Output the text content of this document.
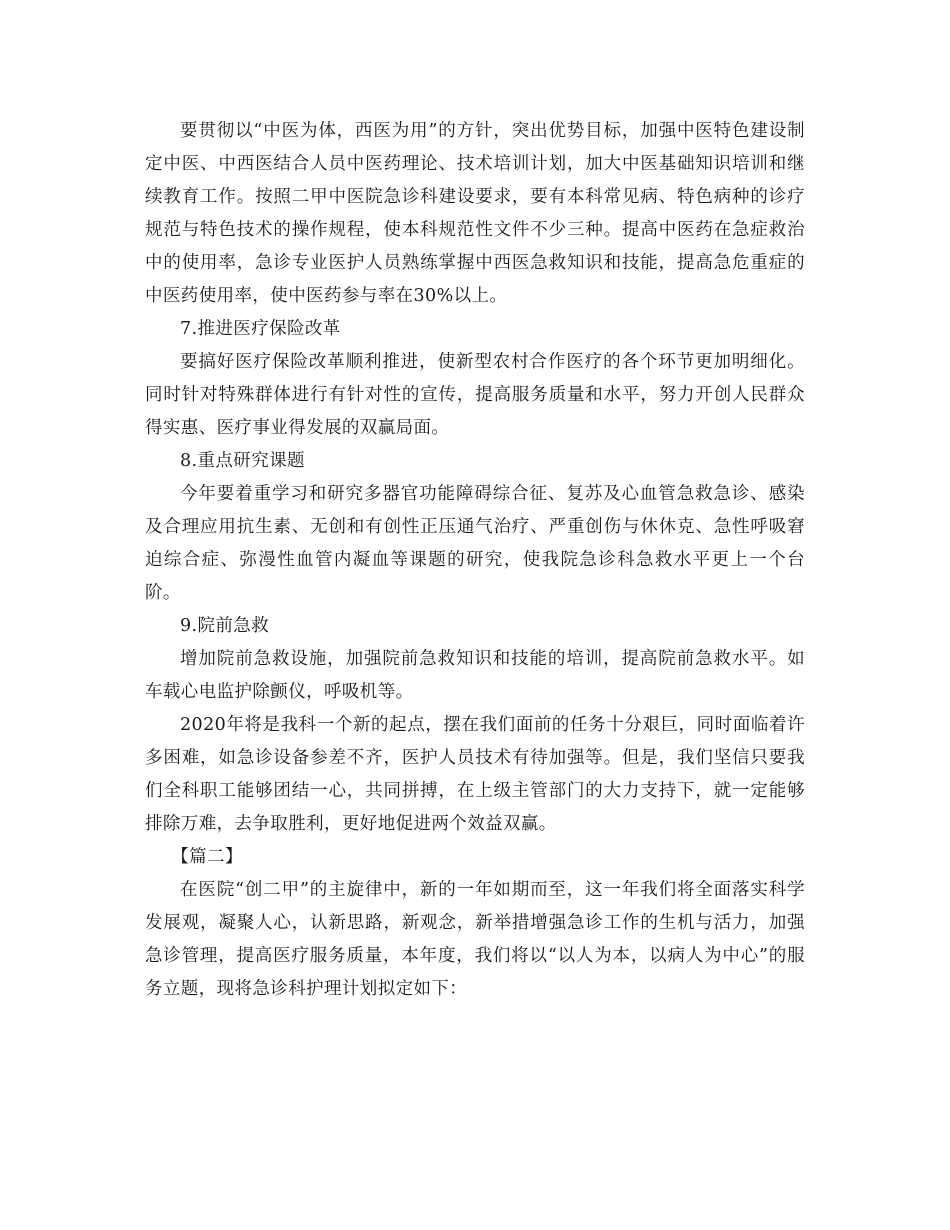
要贯彻以“中医为体，西医为用”的方针，突出优势目标，加强中医特色建设制定中医、中西医结合人员中医药理论、技术培训计划，加大中医基础知识培训和继续教育工作。按照二甲中医院急诊科建设要求，要有本科常见病、特色病种的诊疗规范与特色技术的操作规程，使本科规范性文件不少三种。提高中医药在急症救治中的使用率，急诊专业医护人员熟练掌握中西医急救知识和技能，提高急危重症的中医药使用率，使中医药参与率在30%以上。

7.推进医疗保险改革

要搞好医疗保险改革顺利推进，使新型农村合作医疗的各个环节更加明细化。同时针对特殊群体进行有针对性的宣传，提高服务质量和水平，努力开创人民群众得实惠、医疗事业得发展的双赢局面。

8.重点研究课题

今年要着重学习和研究多器官功能障碍综合征、复苏及心血管急救急诊、感染及合理应用抗生素、无创和有创性正压通气治疗、严重创伤与休休克、急性呼吸窘迫综合症、弥漫性血管内凝血等课题的研究，使我院急诊科急救水平更上一个台阶。

9.院前急救

增加院前急救设施，加强院前急救知识和技能的培训，提高院前急救水平。如车载心电监护除颤仪，呼吸机等。

2020年将是我科一个新的起点，摆在我们面前的任务十分艰巨，同时面临着许多困难，如急诊设备参差不齐，医护人员技术有待加强等。但是，我们坚信只要我们全科职工能够团结一心，共同拼搏，在上级主管部门的大力支持下，就一定能够排除万难，去争取胜利，更好地促进两个效益双赢。

【篇二】

在医院“创二甲”的主旋律中，新的一年如期而至，这一年我们将全面落实科学发展观，凝聚人心，认新思路，新观念，新举措增强急诊工作的生机与活力，加强急诊管理，提高医疗服务质量，本年度，我们将以“以人为本，以病人为中心”的服务立题，现将急诊科护理计划拟定如下：
